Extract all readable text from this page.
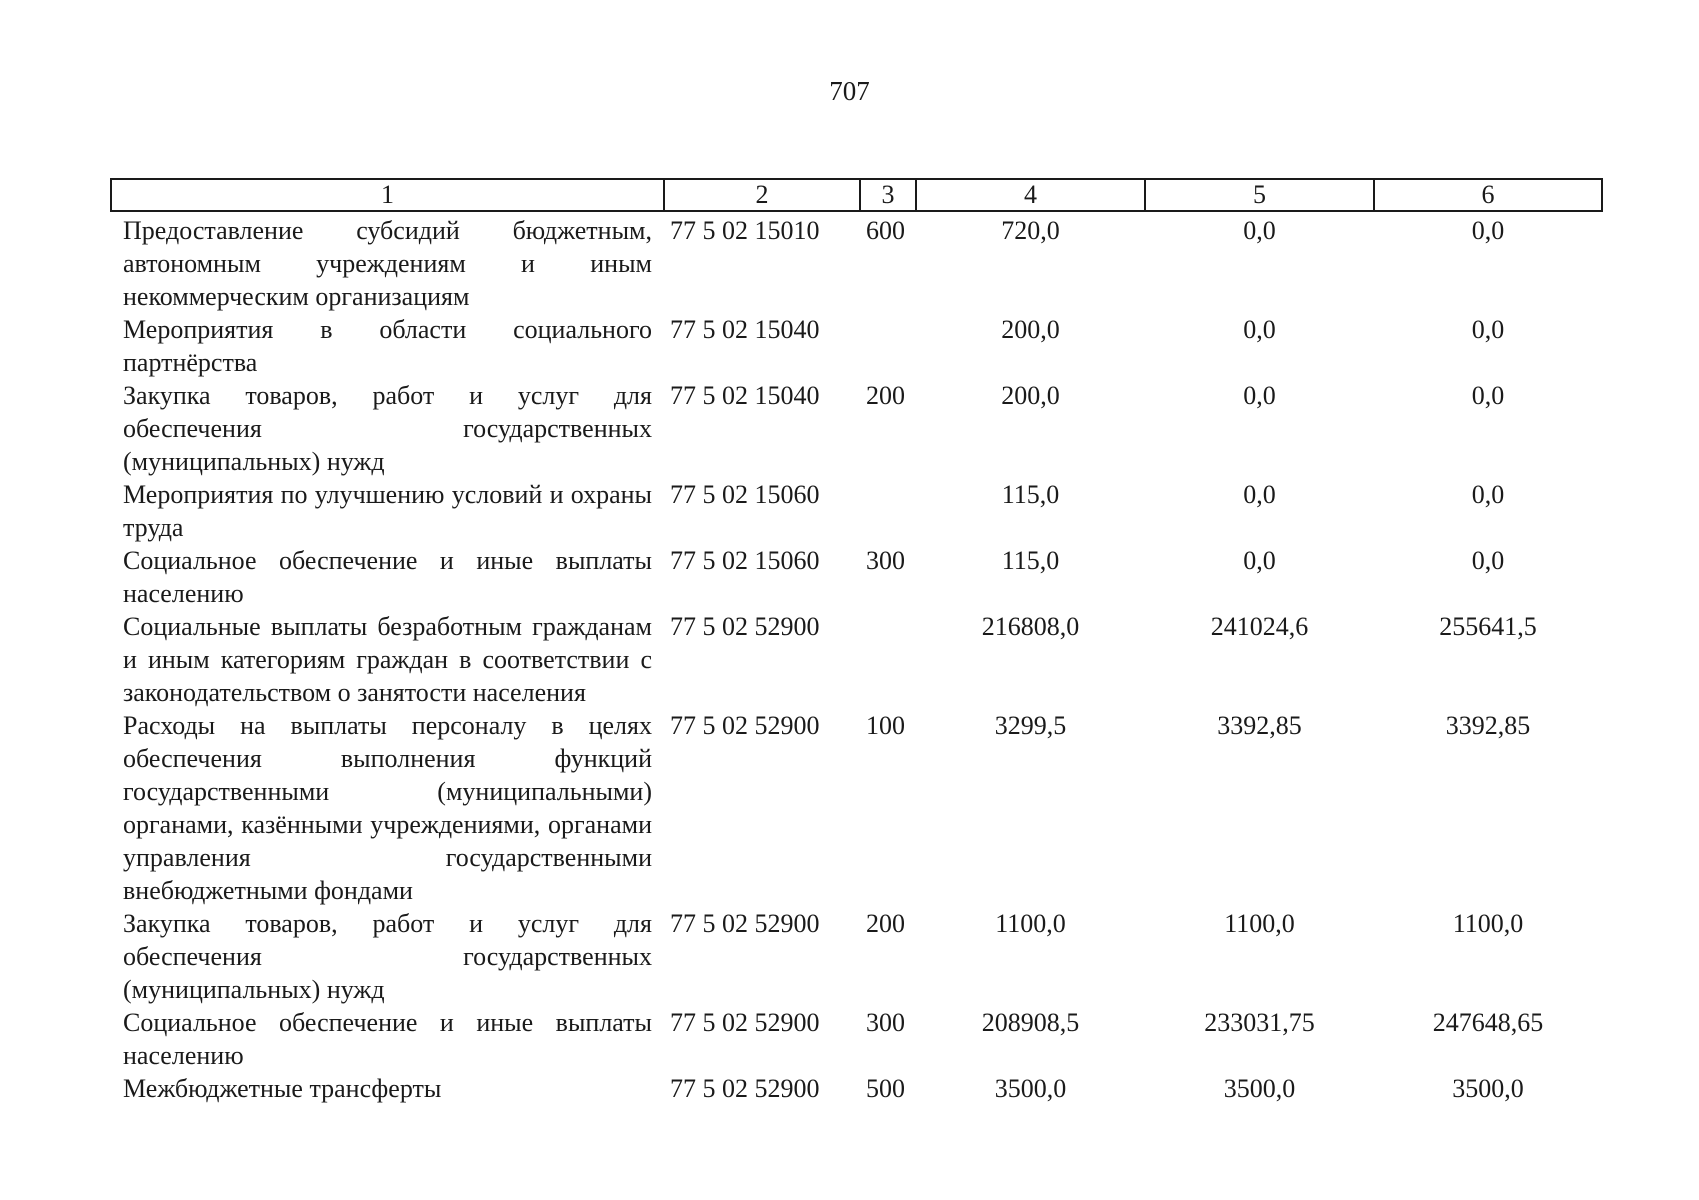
707
1	2	3	4	5	6
Предоставление субсидий бюджетным, автономным учреждениям и иным некоммерческим организациям	77 5 02 15010	600	720,0	0,0	0,0
Мероприятия в области социального партнёрства	77 5 02 15040		200,0	0,0	0,0
Закупка товаров, работ и услуг для обеспечения государственных (муниципальных) нужд	77 5 02 15040	200	200,0	0,0	0,0
Мероприятия по улучшению условий и охраны труда	77 5 02 15060		115,0	0,0	0,0
Социальное обеспечение и иные выплаты населению	77 5 02 15060	300	115,0	0,0	0,0
Социальные выплаты безработным гражданам и иным категориям граждан в соответствии с законодательством о занятости населения	77 5 02 52900		216808,0	241024,6	255641,5
Расходы на выплаты персоналу в целях обеспечения выполнения функций государственными (муниципальными) органами, казёнными учреждениями, органами управления государственными внебюджетными фондами	77 5 02 52900	100	3299,5	3392,85	3392,85
Закупка товаров, работ и услуг для обеспечения государственных (муниципальных) нужд	77 5 02 52900	200	1100,0	1100,0	1100,0
Социальное обеспечение и иные выплаты населению	77 5 02 52900	300	208908,5	233031,75	247648,65
Межбюджетные трансферты	77 5 02 52900	500	3500,0	3500,0	3500,0
